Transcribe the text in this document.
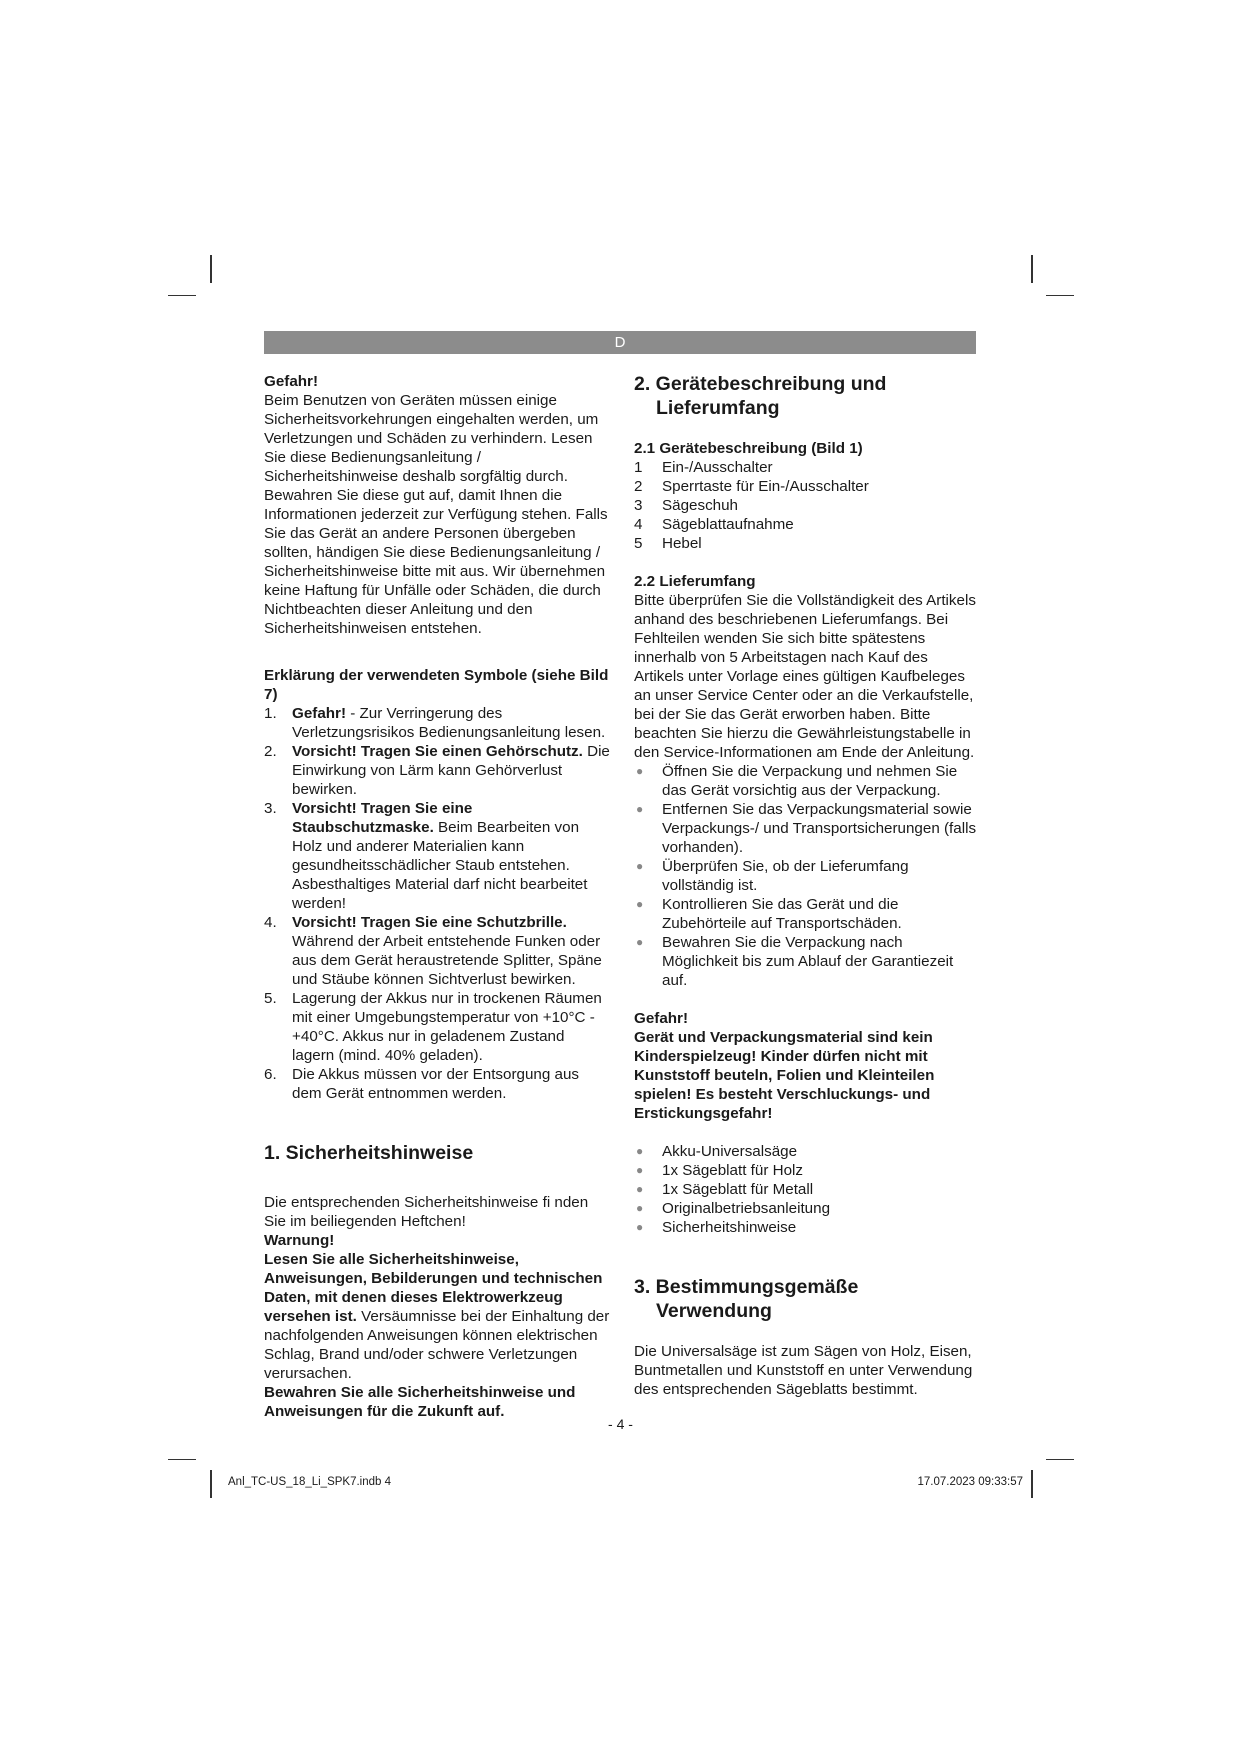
D

Gefahr!

Beim Benutzen von Geräten müssen einige Sicherheitsvorkehrungen eingehalten werden, um Verletzungen und Schäden zu verhindern. Lesen Sie diese Bedienungsanleitung / Sicherheitshinweise deshalb sorgfältig durch. Bewahren Sie diese gut auf, damit Ihnen die Informationen jederzeit zur Verfügung stehen. Falls Sie das Gerät an andere Personen übergeben sollten, händigen Sie diese Bedienungsanleitung / Sicherheitshinweise bitte mit aus. Wir übernehmen keine Haftung für Unfälle oder Schäden, die durch Nichtbeachten dieser Anleitung und den Sicherheitshinweisen entstehen.

Erklärung der verwendeten Symbole (siehe Bild 7)

1. Gefahr! - Zur Verringerung des Verletzungsrisikos Bedienungsanleitung lesen.
2. Vorsicht! Tragen Sie einen Gehörschutz. Die Einwirkung von Lärm kann Gehörverlust bewirken.
3. Vorsicht! Tragen Sie eine Staubschutzmaske. Beim Bearbeiten von Holz und anderer Materialien kann gesundheitsschädlicher Staub entstehen. Asbesthaltiges Material darf nicht bearbeitet werden!
4. Vorsicht! Tragen Sie eine Schutzbrille. Während der Arbeit entstehende Funken oder aus dem Gerät heraustretende Splitter, Späne und Stäube können Sichtverlust bewirken.
5. Lagerung der Akkus nur in trockenen Räumen mit einer Umgebungstemperatur von +10°C - +40°C. Akkus nur in geladenem Zustand lagern (mind. 40% geladen).
6. Die Akkus müssen vor der Entsorgung aus dem Gerät entnommen werden.

1. Sicherheitshinweise

Die entsprechenden Sicherheitshinweise fi nden Sie im beiliegenden Heftchen!

Warnung!

Lesen Sie alle Sicherheitshinweise, Anweisungen, Bebilderungen und technischen Daten, mit denen dieses Elektrowerkzeug versehen ist. Versäumnisse bei der Einhaltung der nachfolgenden Anweisungen können elektrischen Schlag, Brand und/oder schwere Verletzungen verursachen.

Bewahren Sie alle Sicherheitshinweise und Anweisungen für die Zukunft auf.

2. Gerätebeschreibung und
Lieferumfang

2.1 Gerätebeschreibung (Bild 1)

1 Ein-/Ausschalter
2 Sperrtaste für Ein-/Ausschalter
3 Sägeschuh
4 Sägeblattaufnahme
5 Hebel

2.2 Lieferumfang

Bitte überprüfen Sie die Vollständigkeit des Artikels anhand des beschriebenen Lieferumfangs. Bei Fehlteilen wenden Sie sich bitte spätestens innerhalb von 5 Arbeitstagen nach Kauf des Artikels unter Vorlage eines gültigen Kaufbeleges an unser Service Center oder an die Verkaufstelle, bei der Sie das Gerät erworben haben. Bitte beachten Sie hierzu die Gewährleistungstabelle in den Service-Informationen am Ende der Anleitung.

● Öffnen Sie die Verpackung und nehmen Sie das Gerät vorsichtig aus der Verpackung.
● Entfernen Sie das Verpackungsmaterial sowie Verpackungs-/ und Transportsicherungen (falls vorhanden).
● Überprüfen Sie, ob der Lieferumfang vollständig ist.
● Kontrollieren Sie das Gerät und die Zubehörteile auf Transportschäden.
● Bewahren Sie die Verpackung nach Möglichkeit bis zum Ablauf der Garantiezeit auf.

Gefahr!

Gerät und Verpackungsmaterial sind kein Kinderspielzeug! Kinder dürfen nicht mit Kunststoff beuteln, Folien und Kleinteilen spielen! Es besteht Verschluckungs- und Erstickungsgefahr!

● Akku-Universalsäge
● 1x Sägeblatt für Holz
● 1x Sägeblatt für Metall
● Originalbetriebsanleitung
● Sicherheitshinweise

3. Bestimmungsgemäße
Verwendung

Die Universalsäge ist zum Sägen von Holz, Eisen, Buntmetallen und Kunststoff en unter Verwendung des entsprechenden Sägeblatts bestimmt.

- 4 -
Anl_TC-US_18_Li_SPK7.indb 4	17.07.2023 09:33:57
